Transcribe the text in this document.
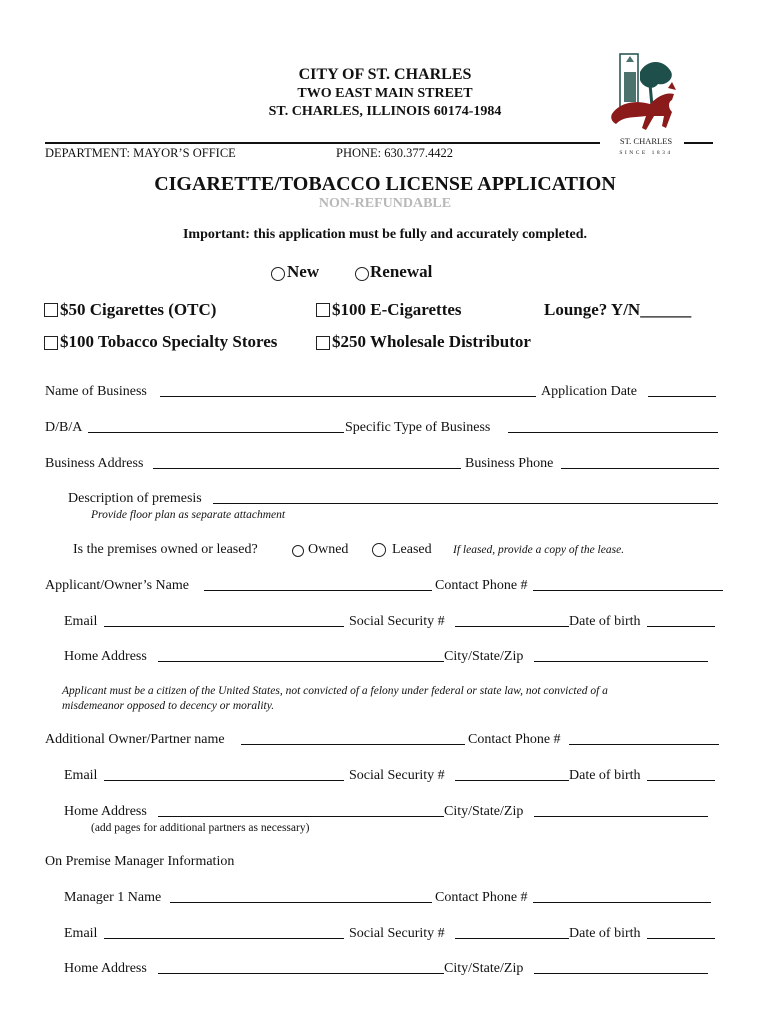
CITY OF ST. CHARLES
TWO EAST MAIN STREET
ST. CHARLES, ILLINOIS 60174-1984
DEPARTMENT: MAYOR’S OFFICE	PHONE: 630.377.4422
ST. CHARLES
SINCE 1834
CIGARETTE/TOBACCO LICENSE APPLICATION
NON-REFUNDABLE
Important: this application must be fully and accurately completed.
New	Renewal
$50 Cigarettes (OTC)	$100 E-Cigarettes	Lounge? Y/N______
$100 Tobacco Specialty Stores	$250 Wholesale Distributor
Name of Business	Application Date
D/B/A	Specific Type of Business
Business Address	Business Phone
Description of premesis
Provide floor plan as separate attachment
Is the premises owned or leased?	Owned	Leased If leased, provide a copy of the lease.
Applicant/Owner’s Name	Contact Phone #
Email	Social Security #	Date of birth
Home Address	City/State/Zip
Applicant must be a citizen of the United States, not convicted of a felony under federal or state law, not convicted of a
misdemeanor opposed to decency or morality.
Additional Owner/Partner name	Contact Phone #
Email	Social Security #	Date of birth
Home Address	City/State/Zip
(add pages for additional partners as necessary)
On Premise Manager Information
Manager 1 Name	Contact Phone #
Email	Social Security #	Date of birth
Home Address	City/State/Zip
